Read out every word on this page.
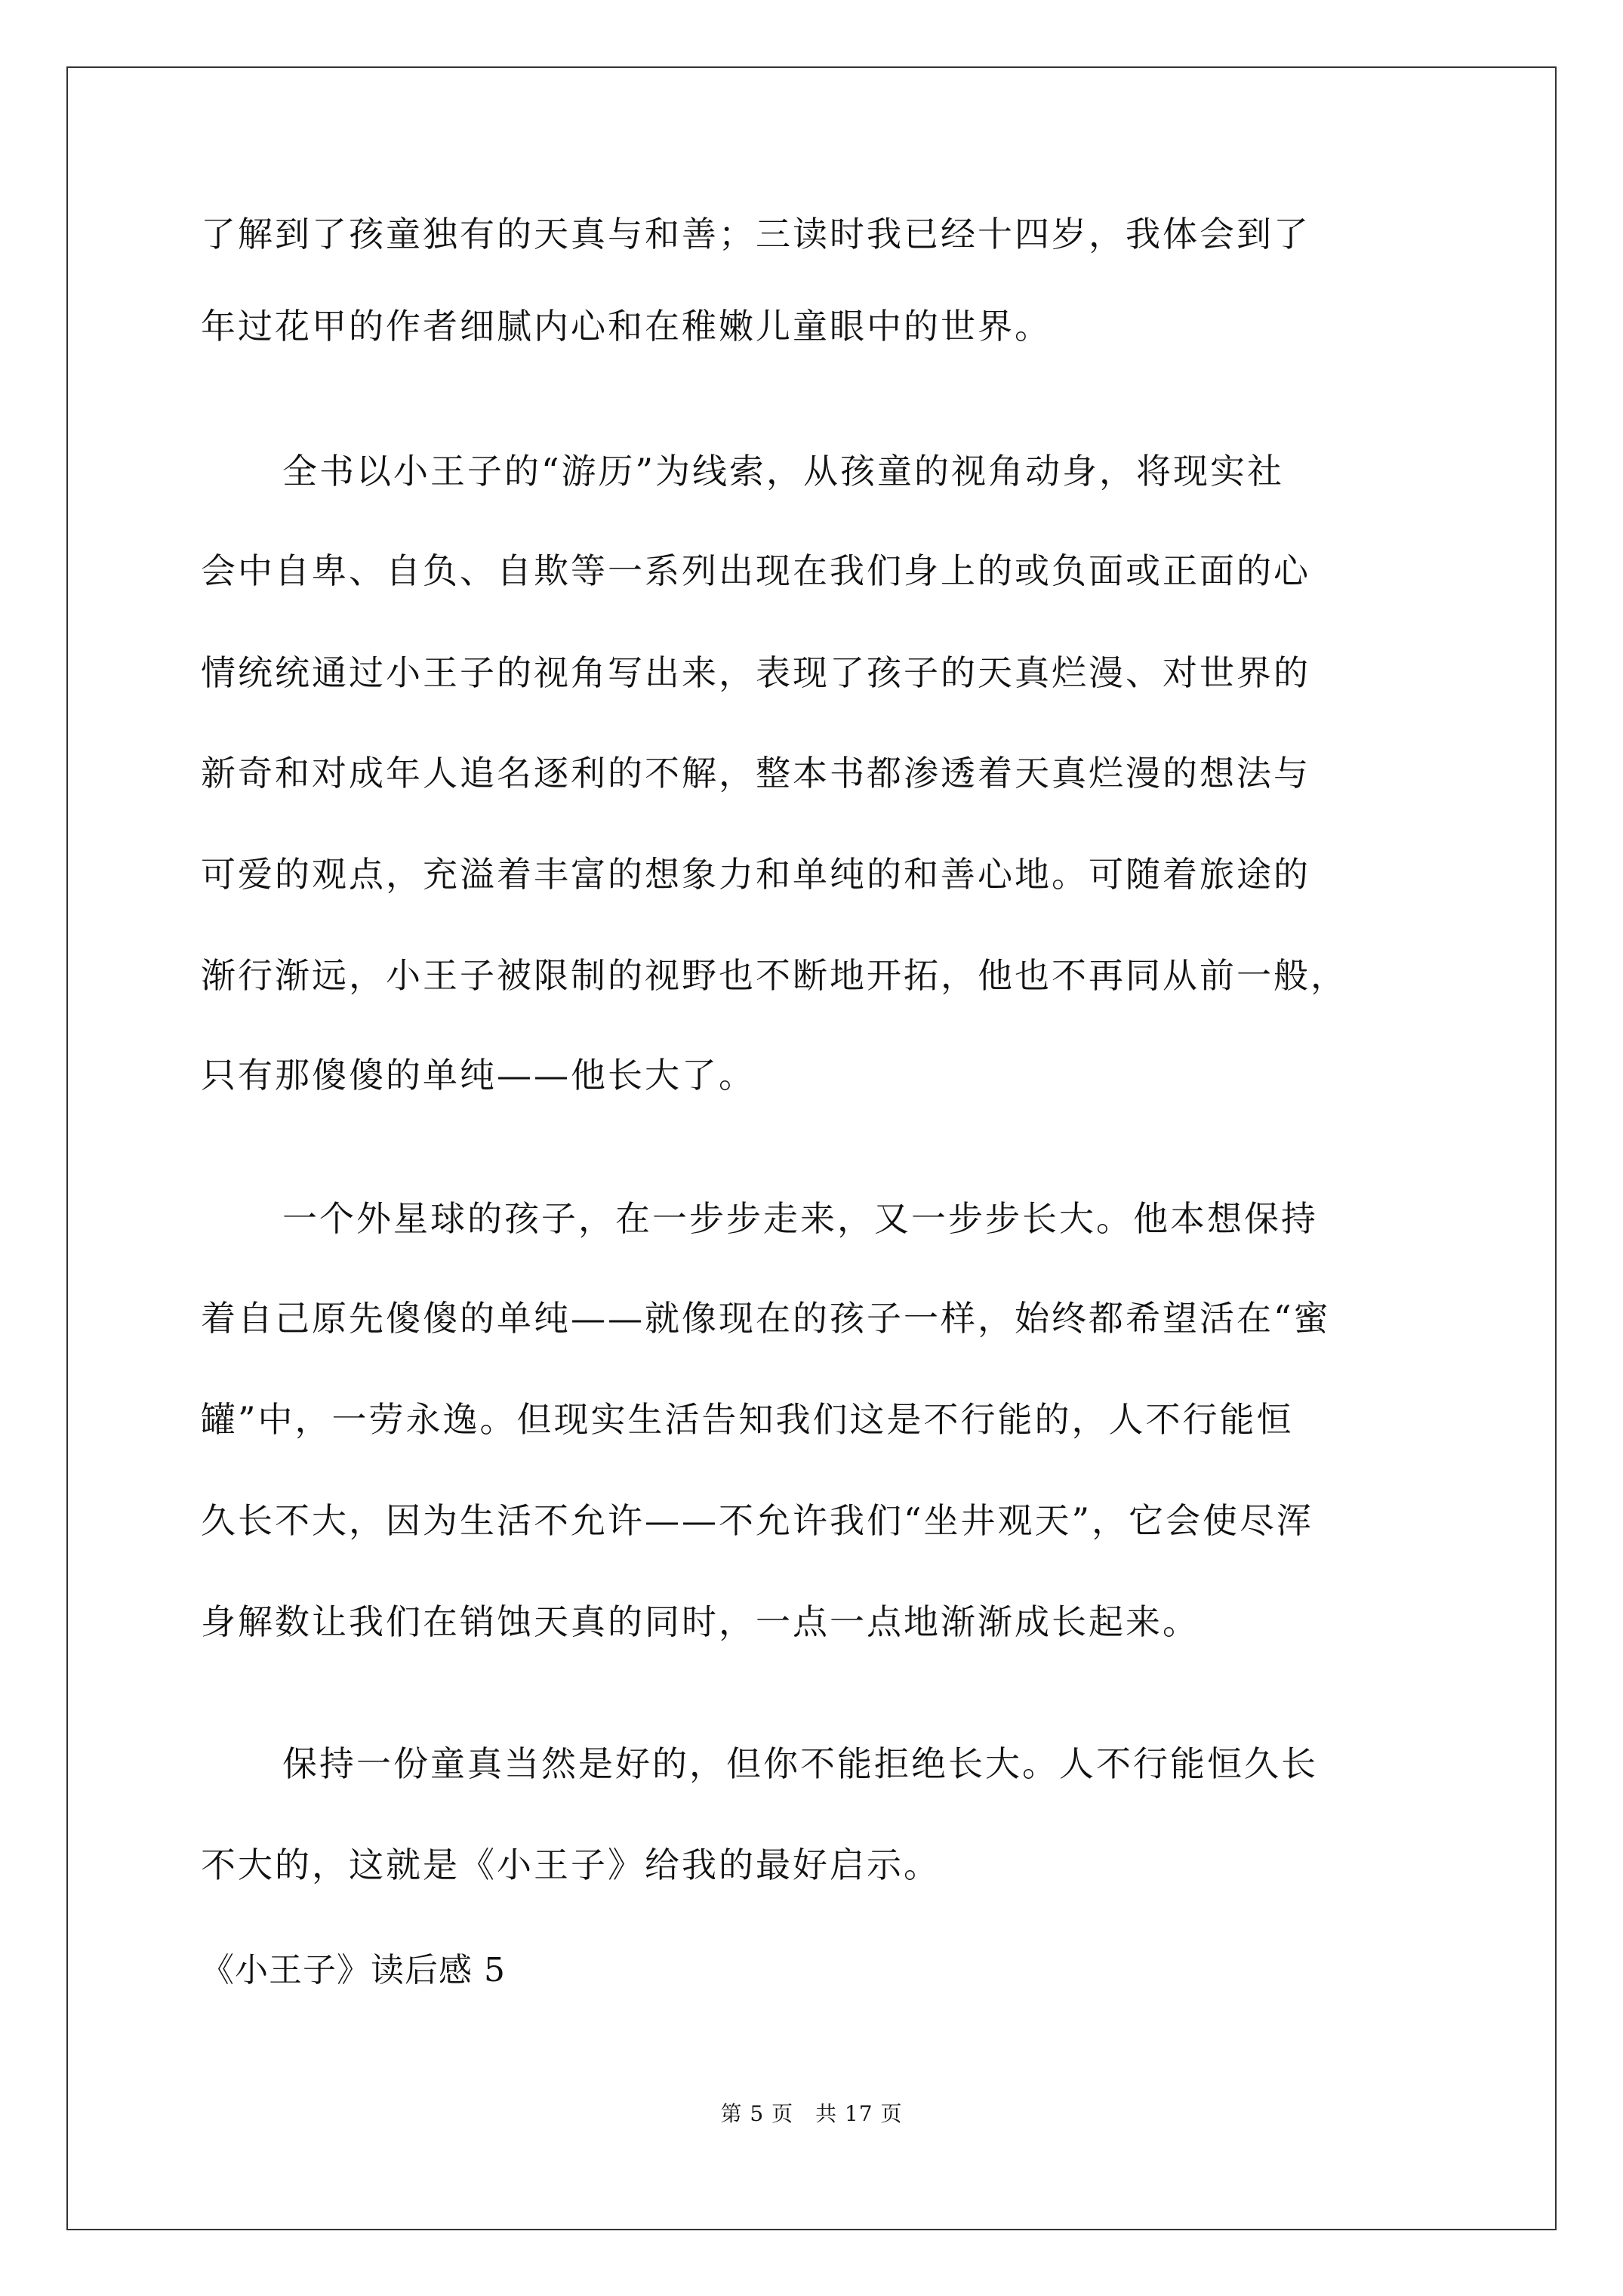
了解到了孩童独有的天真与和善；三读时我已经十四岁，我体会到了
年过花甲的作者细腻内心和在稚嫩儿童眼中的世界。
全书以小王子的“游历”为线索，从孩童的视角动身，将现实社
会中自卑、自负、自欺等一系列出现在我们身上的或负面或正面的心
情统统通过小王子的视角写出来，表现了孩子的天真烂漫、对世界的
新奇和对成年人追名逐利的不解，整本书都渗透着天真烂漫的想法与
可爱的观点，充溢着丰富的想象力和单纯的和善心地。可随着旅途的
渐行渐远，小王子被限制的视野也不断地开拓，他也不再同从前一般，
只有那傻傻的单纯——他长大了。
一个外星球的孩子，在一步步走来，又一步步长大。他本想保持
着自己原先傻傻的单纯——就像现在的孩子一样，始终都希望活在“蜜
罐”中，一劳永逸。但现实生活告知我们这是不行能的，人不行能恒
久长不大，因为生活不允许——不允许我们“坐井观天”，它会使尽浑
身解数让我们在销蚀天真的同时，一点一点地渐渐成长起来。
保持一份童真当然是好的，但你不能拒绝长大。人不行能恒久长
不大的，这就是《小王子》给我的最好启示。
《小王子》读后感 5
第 5 页　共 17 页
